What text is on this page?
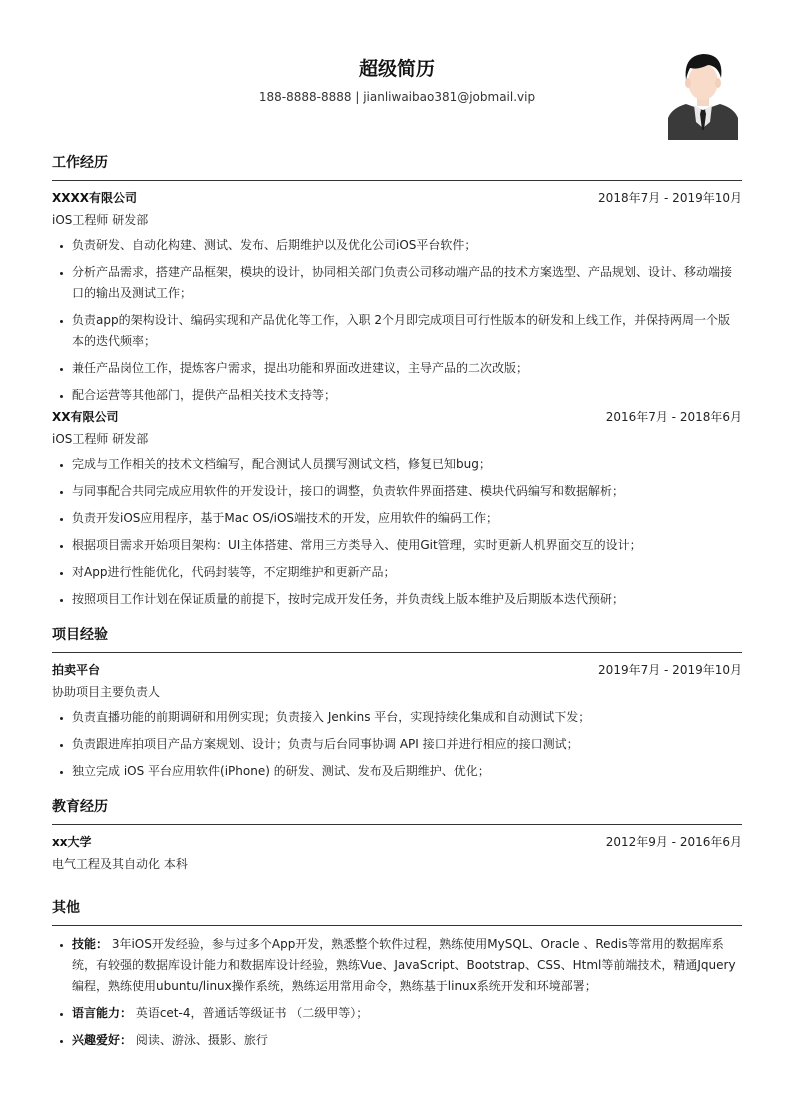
超级简历
188-8888-8888 | jianliwaibao381@jobmail.vip
工作经历
XXXX有限公司	2018年7月 - 2019年10月
iOS工程师 研发部
• 负责研发、自动化构建、测试、发布、后期维护以及优化公司iOS平台软件；
• 分析产品需求，搭建产品框架，模块的设计，协同相关部门负责公司移动端产品的技术方案选型、产品规划、设计、移动端接口的输出及测试工作；
• 负责app的架构设计、编码实现和产品优化等工作，入职 2个月即完成项目可行性版本的研发和上线工作，并保持两周一个版本的迭代频率；
• 兼任产品岗位工作，提炼客户需求，提出功能和界面改进建议，主导产品的二次改版；
• 配合运营等其他部门，提供产品相关技术支持等；
XX有限公司	2016年7月 - 2018年6月
iOS工程师 研发部
• 完成与工作相关的技术文档编写，配合测试人员撰写测试文档，修复已知bug；
• 与同事配合共同完成应用软件的开发设计，接口的调整，负责软件界面搭建、模块代码编写和数据解析；
• 负责开发iOS应用程序，基于Mac OS/iOS端技术的开发，应用软件的编码工作；
• 根据项目需求开始项目架构：UI主体搭建、常用三方类导入、使用Git管理，实时更新人机界面交互的设计；
• 对App进行性能优化，代码封装等，不定期维护和更新产品；
• 按照项目工作计划在保证质量的前提下，按时完成开发任务，并负责线上版本维护及后期版本迭代预研；
项目经验
拍卖平台	2019年7月 - 2019年10月
协助项目主要负责人
• 负责直播功能的前期调研和用例实现；负责接入 Jenkins 平台，实现持续化集成和自动测试下发；
• 负责跟进库拍项目产品方案规划、设计；负责与后台同事协调 API 接口并进行相应的接口测试；
• 独立完成 iOS 平台应用软件(iPhone) 的研发、测试、发布及后期维护、优化；
教育经历
xx大学	2012年9月 - 2016年6月
电气工程及其自动化 本科
其他
• 技能： 3年iOS开发经验，参与过多个App开发，熟悉整个软件过程，熟练使用MySQL、Oracle 、Redis等常用的数据库系统，有较强的数据库设计能力和数据库设计经验，熟练Vue、JavaScript、Bootstrap、CSS、Html等前端技术，精通Jquery编程，熟练使用ubuntu/linux操作系统，熟练运用常用命令，熟练基于linux系统开发和环境部署；
• 语言能力： 英语cet-4，普通话等级证书 （二级甲等）；
• 兴趣爱好： 阅读、游泳、摄影、旅行
